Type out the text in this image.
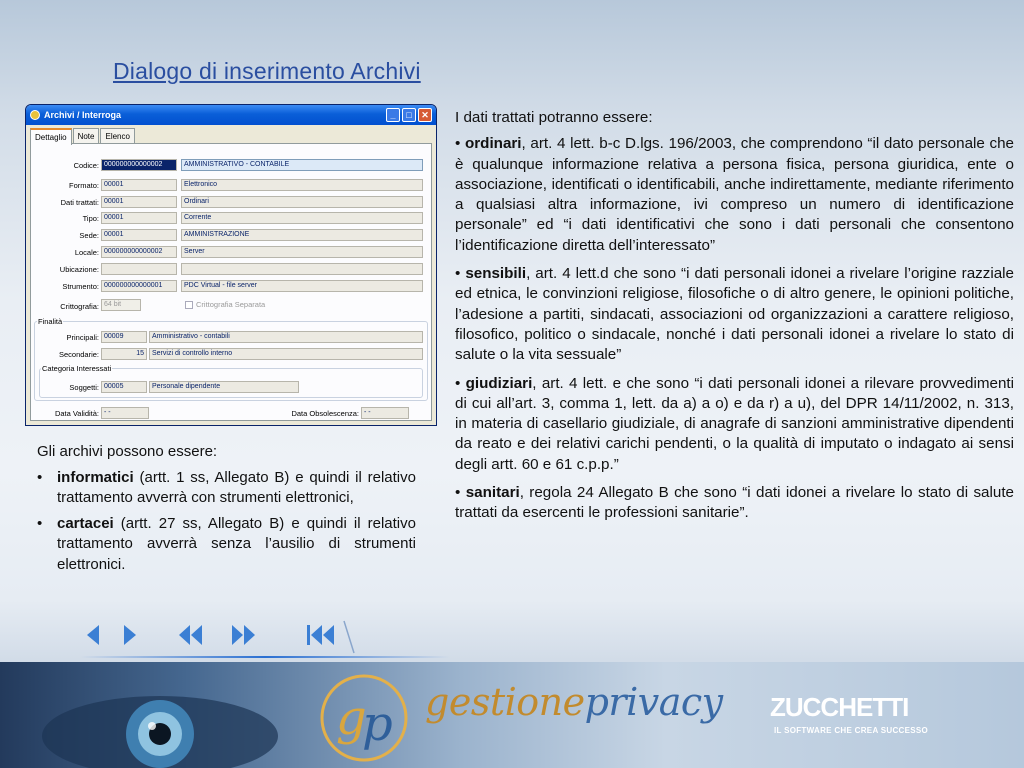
Dialogo di inserimento Archivi
Archivi / Interroga	_	□	✕
Dettaglio	Note	Elenco
Codice: 000000000000002	AMMINISTRATIVO - CONTABILE
Formato: 00001	Elettronico
Dati trattati: 00001	Ordinari
Tipo: 00001	Corrente
Sede: 00001	AMMINISTRAZIONE
Locale: 000000000000002	Server
Ubicazione:
Strumento: 000000000000001	PDC Virtual - file server
Crittografia: 64 bit	Crittografia Separata
Finalità
Principali: 00009	Amministrativo - contabili
Secondarie:	15	Servizi di controllo interno
Categoria Interessati
Soggetti: 00005	Personale dipendente
Data Validità: - -	Data Obsolescenza: - -
Gli archivi possono essere:
• informatici (artt. 1 ss, Allegato B) e quindi il relativo trattamento avverrà con strumenti elettronici,
• cartacei (artt. 27 ss, Allegato B) e quindi il relativo trattamento avverrà senza l’ausilio di strumenti elettronici.

I dati trattati potranno essere:

• ordinari, art. 4 lett. b-c D.lgs. 196/2003, che comprendono “il dato personale che è qualunque informazione relativa a persona fisica, persona giuridica, ente o associazione, identificati o identificabili, anche indirettamente, mediante riferimento a qualsiasi altra informazione, ivi compreso un numero di identificazione personale” ed “i dati identificativi che sono i dati personali che consentono l’identificazione diretta dell’interessato”

• sensibili, art. 4 lett.d che sono “i dati personali idonei a rivelare l’origine razziale ed etnica, le convinzioni religiose, filosofiche o di altro genere, le opinioni politiche, l’adesione a partiti, sindacati, associazioni od organizzazioni a carattere religioso, filosofico, politico o sindacale, nonché i dati personali idonei a rivelare lo stato di salute o la vita sessuale”

• giudiziari, art. 4 lett. e che sono “i dati personali idonei a rilevare provvedimenti di cui all’art. 3, comma 1, lett. da a) a o) e da r) a u), del DPR 14/11/2002, n. 313, in materia di casellario giudiziale, di anagrafe di sanzioni amministrative dipendenti da reato e dei relativi carichi pendenti, o la qualità di imputato o indagato ai sensi degli artt. 60 e 61 c.p.p.”

• sanitari, regola 24 Allegato B che sono “i dati idonei a rivelare lo stato di salute trattati da esercenti le professioni sanitarie”.

g
p gestioneprivacy ZUCCHETTI
IL SOFTWARE CHE CREA SUCCESSO
